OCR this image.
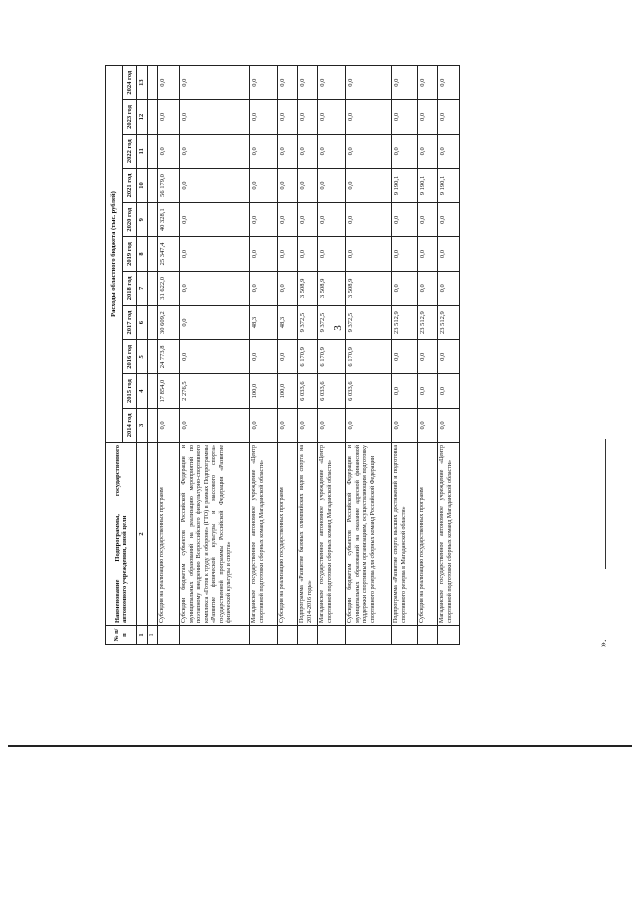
3
№ п/п	Наименование Подпрограммы, государственного автономного учреждения, вной цели	Расходы областного бюджета (тыс. рублей)										
		2014 год	2015 год	2016 год	2017 год	2018 год	2019 год	2020 год	2021 год	2022 год	2023 год	2024 год
1	2	3	4	5	6	7	8	9	10	11	12	13
1												
	Субсидия на реализацию государственных программ	0,0	17 854,0	24 773,8	30 609,2	31 622,0	25 347,4	40 328,1	56 179,0	0,0	0,0	0,0
	Субсидии бюджетам субъектов Российской Федерации и муниципальных образований на реализацию мероприятий по поэтапному внедрению Всероссийского физкультурно-спортивного комплекса «Готов к труду и обороне» (ГТО) в рамках Подпрограммы «Развитие физической культуры и массового спорта» государственной программы Российской Федерации «Развитие физической культуры и спорта»	0,0	2 276,5	0,0	0,0	0,0	0,0	0,0	0,0	0,0	0,0	0,0
	Магаданское государственное автономное учреждение «Центр спортивной подготовки сборных команд Магаданской области»	0,0	100,0	0,0	48,3	0,0	0,0	0,0	0,0	0,0	0,0	0,0
	Субсидия на реализацию государственных программ	0,0	100,0	0,0	48,3	0,0	0,0	0,0	0,0	0,0	0,0	0,0
	Подпрограмма «Развитие базовых олимпийских видов спорта на 2014-2016 годы»	0,0	6 033,6	6 170,9	9 372,5	3 508,9	0,0	0,0	0,0	0,0	0,0	0,0
	Магаданское государственное автономное учреждение «Центр спортивной подготовки сборных команд Магаданской области»	0,0	6 033,6	6 170,9	9 372,5	3 508,9	0,0	0,0	0,0	0,0	0,0	0,0
	Субсидии бюджетам субъектов Российской Федерации и муниципальных образований на оказание адресной финансовой поддержки спортивным организациям, осуществляющим подготовку спортивного резерва для сборных команд Российской Федерации	0,0	6 033,6	6 170,9	9 372,5	3 508,9	0,0	0,0	0,0	0,0	0,0	0,0
	Подпрограмма «Развитие спорта высших достижений и подготовка спортивного резерва в Магаданской области»	0,0	0,0	0,0	23 512,9	0,0	0,0	0,0	9 190,1	0,0	0,0	0,0
	Субсидия на реализацию государственных программ	0,0	0,0	0,0	23 512,9	0,0	0,0	0,0	9 190,1	0,0	0,0	0,0
	Магаданское государственное автономное учреждение «Центр спортивной подготовки сборных команд Магаданской области»	0,0	0,0	0,0	23 512,9	0,0	0,0	0,0	9 190,1	0,0	0,0	0,0
».
